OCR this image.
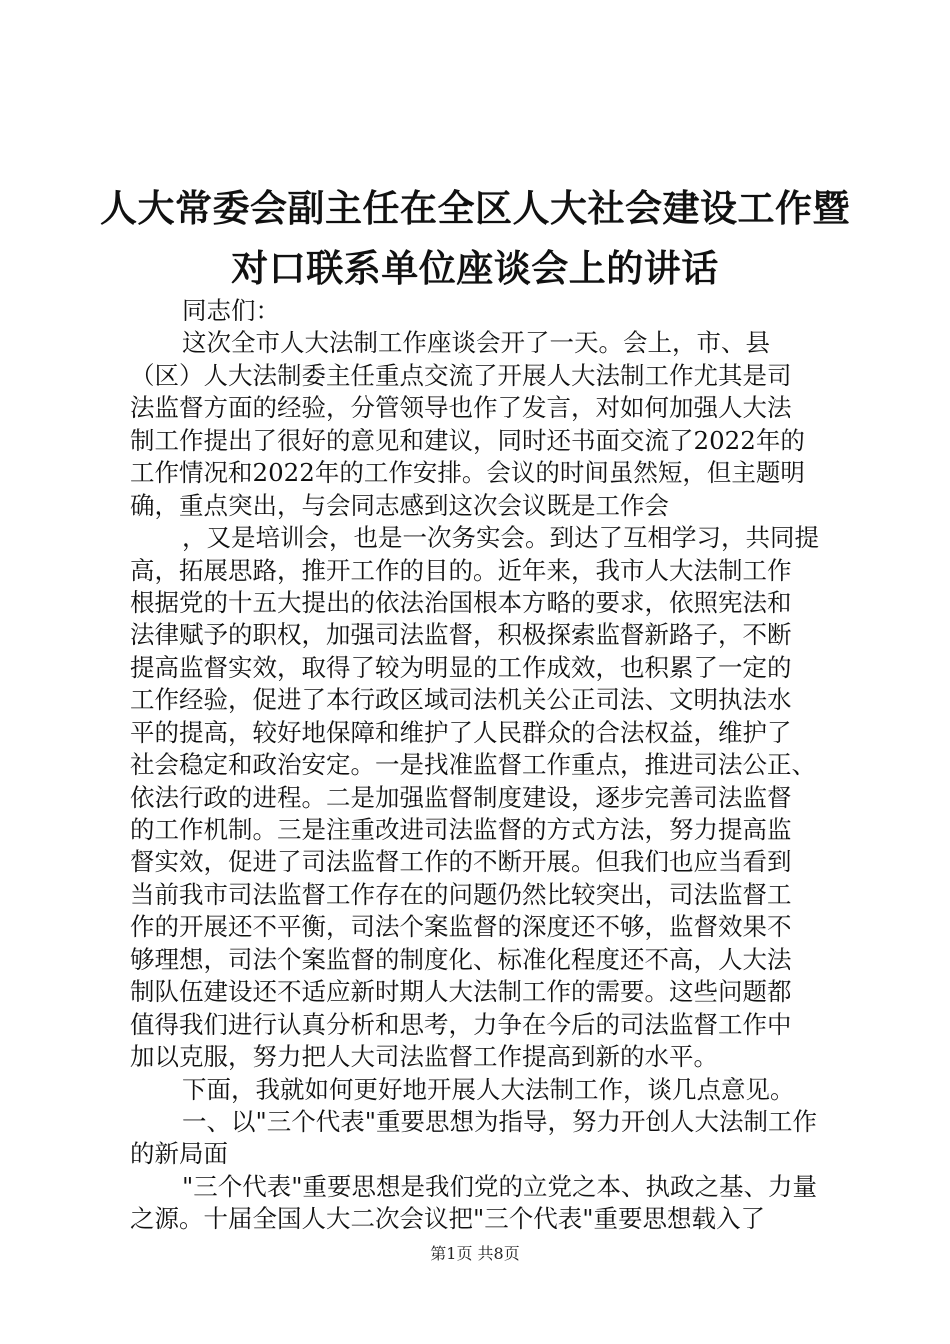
人大常委会副主任在全区人大社会建设工作暨
对口联系单位座谈会上的讲话
同志们：
这次全市人大法制工作座谈会开了一天。会上，市、县
（区）人大法制委主任重点交流了开展人大法制工作尤其是司
法监督方面的经验，分管领导也作了发言，对如何加强人大法
制工作提出了很好的意见和建议，同时还书面交流了2022年的
工作情况和2022年的工作安排。会议的时间虽然短，但主题明
确，重点突出，与会同志感到这次会议既是工作会
，又是培训会，也是一次务实会。到达了互相学习，共同提
高，拓展思路，推开工作的目的。近年来，我市人大法制工作
根据党的十五大提出的依法治国根本方略的要求，依照宪法和
法律赋予的职权，加强司法监督，积极探索监督新路子，不断
提高监督实效，取得了较为明显的工作成效，也积累了一定的
工作经验，促进了本行政区域司法机关公正司法、文明执法水
平的提高，较好地保障和维护了人民群众的合法权益，维护了
社会稳定和政治安定。一是找准监督工作重点，推进司法公正、
依法行政的进程。二是加强监督制度建设，逐步完善司法监督
的工作机制。三是注重改进司法监督的方式方法，努力提高监
督实效，促进了司法监督工作的不断开展。但我们也应当看到
当前我市司法监督工作存在的问题仍然比较突出，司法监督工
作的开展还不平衡，司法个案监督的深度还不够，监督效果不
够理想，司法个案监督的制度化、标准化程度还不高，人大法
制队伍建设还不适应新时期人大法制工作的需要。这些问题都
值得我们进行认真分析和思考，力争在今后的司法监督工作中
加以克服，努力把人大司法监督工作提高到新的水平。
下面，我就如何更好地开展人大法制工作，谈几点意见。
一、以"三个代表"重要思想为指导，努力开创人大法制工作
的新局面
"三个代表"重要思想是我们党的立党之本、执政之基、力量
之源。十届全国人大二次会议把"三个代表"重要思想载入了
第1页 共8页
